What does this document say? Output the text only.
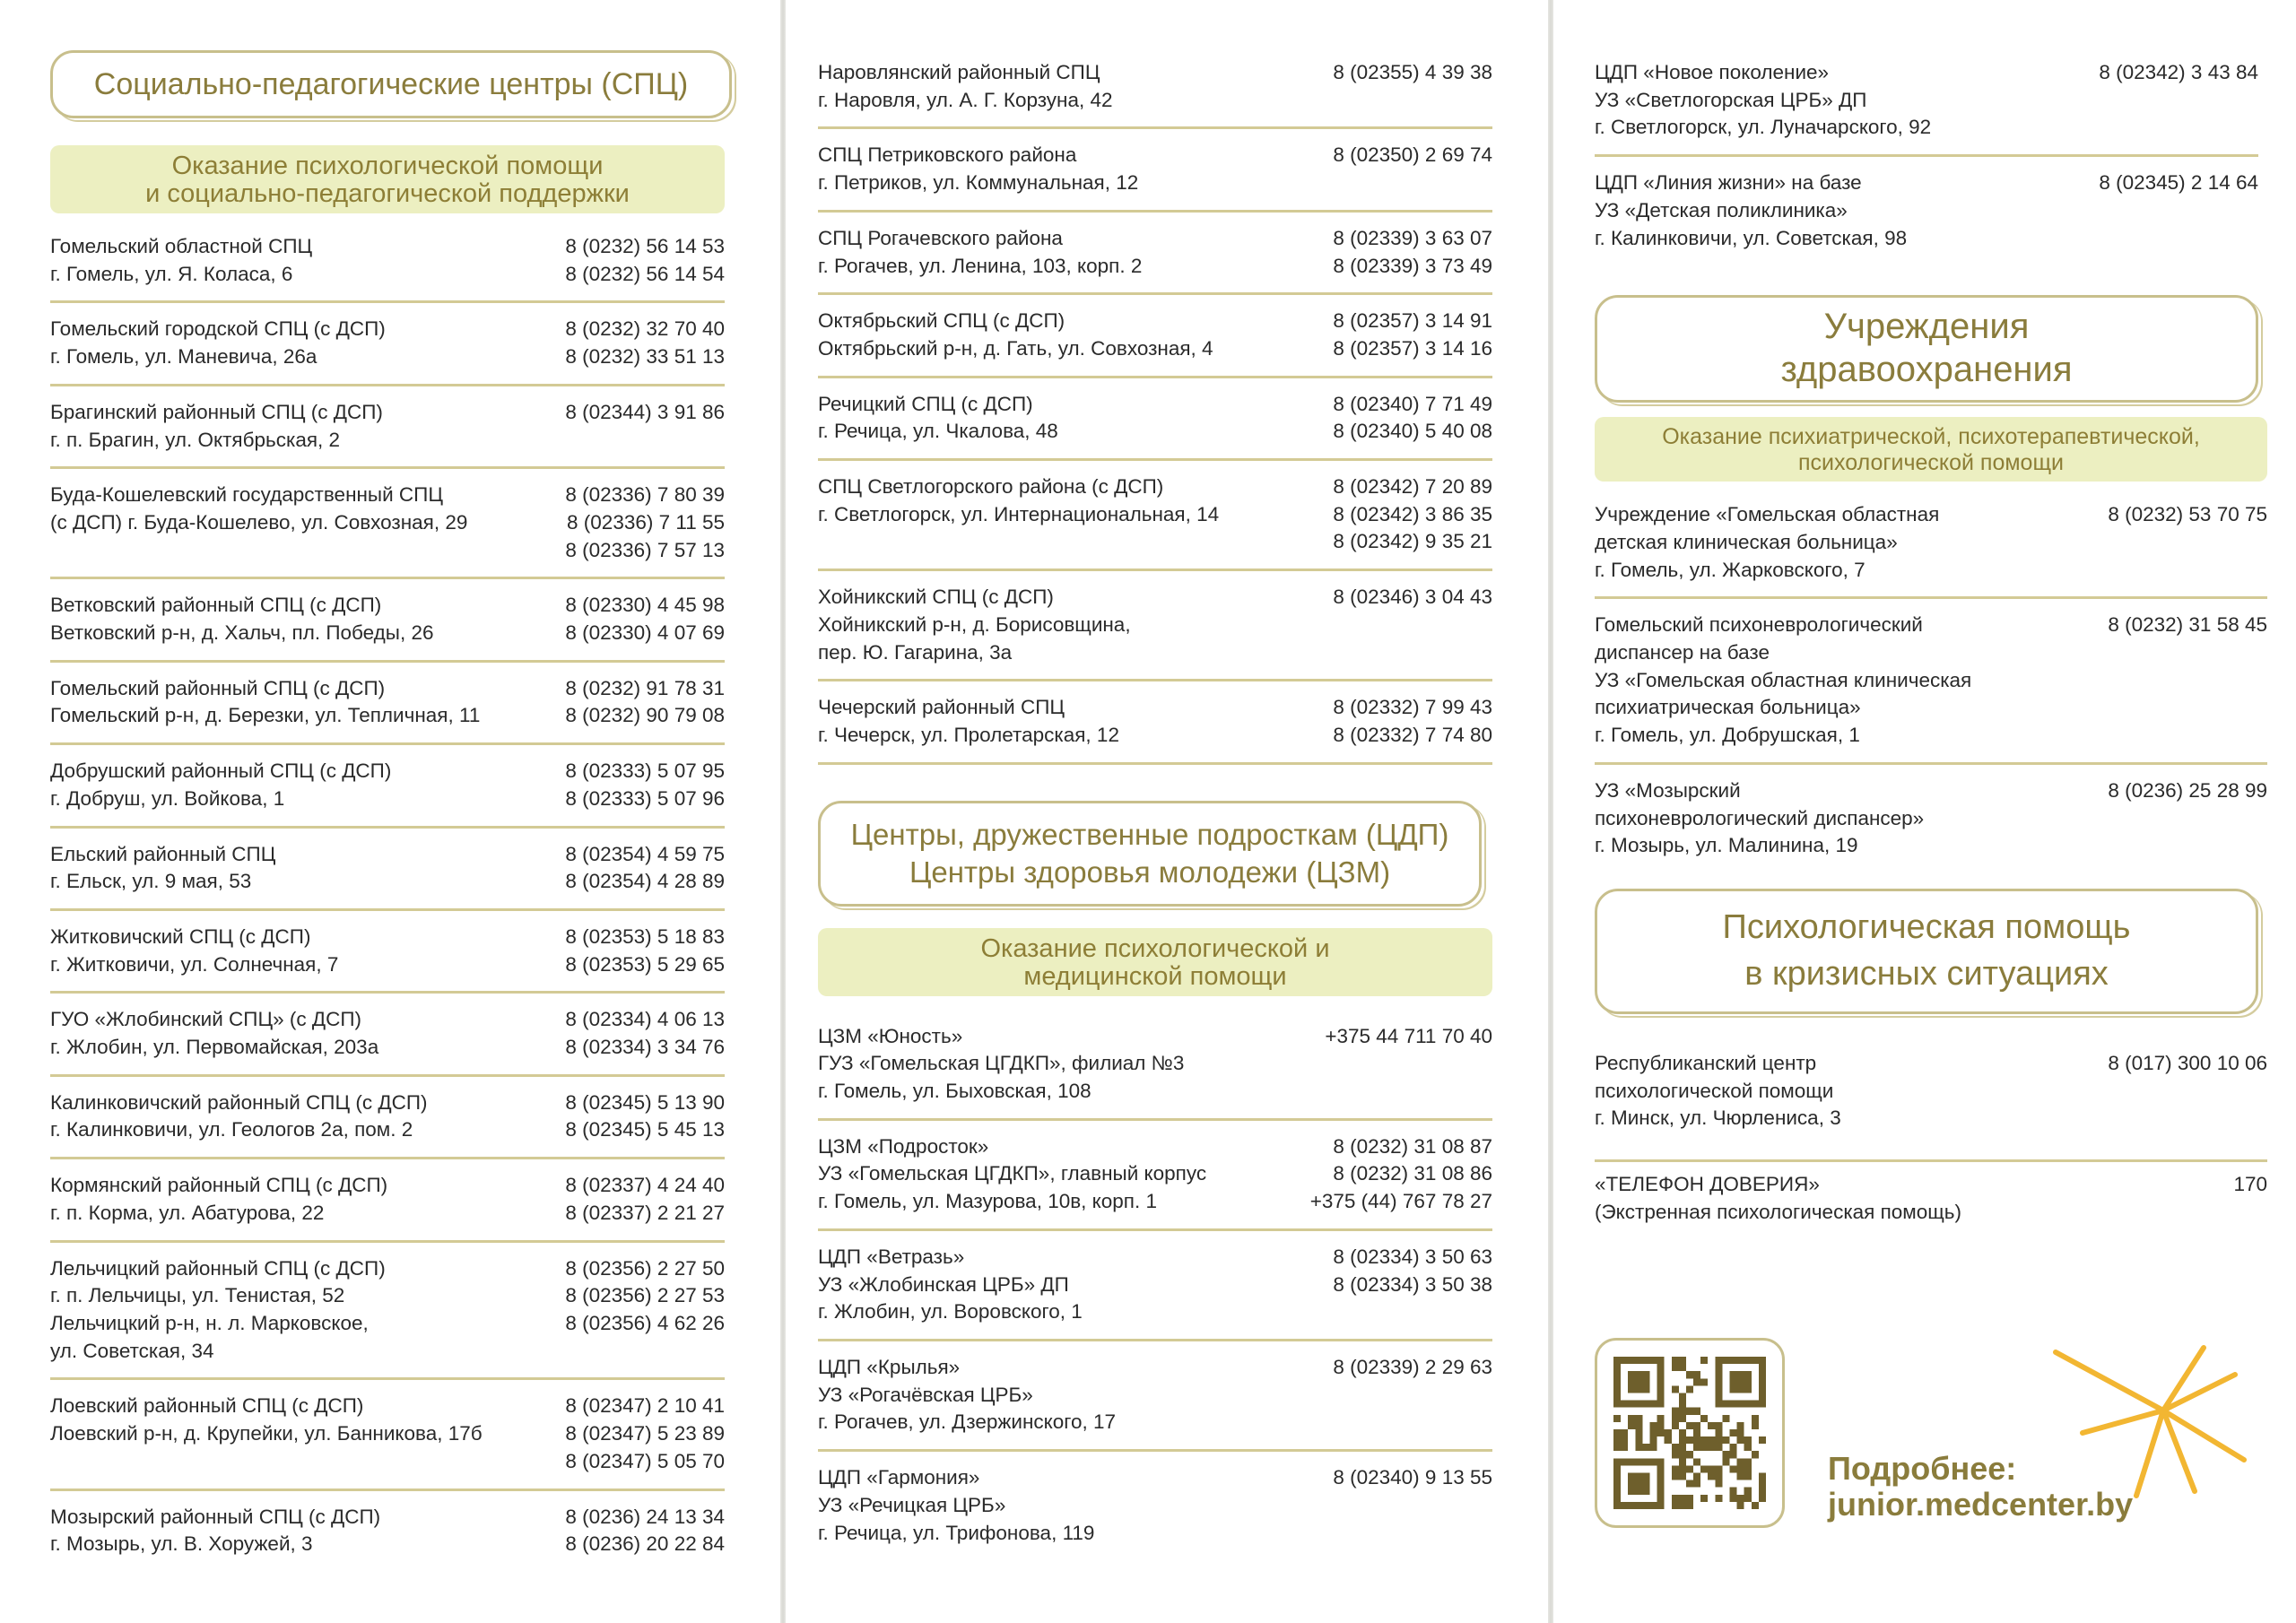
Социально-педагогические центры (СПЦ)
Оказание психологической помощи
и социально-педагогической поддержки
Гомельский областной СПЦ
г. Гомель, ул. Я. Коласа, 6
8 (0232) 56 14 53
8 (0232) 56 14 54
Гомельский городской СПЦ (с ДСП)
г. Гомель, ул. Маневича, 26а
8 (0232) 32 70 40
8 (0232) 33 51 13
Брагинский районный СПЦ (с ДСП)
г. п. Брагин, ул. Октябрьская, 2
8 (02344) 3 91 86
Буда-Кошелевский государственный СПЦ
(с ДСП) г. Буда-Кошелево, ул. Совхозная, 29
8 (02336) 7 80 39
8 (02336) 7 11 55
8 (02336) 7 57 13
Ветковский районный СПЦ (с ДСП)
Ветковский р-н, д. Хальч, пл. Победы, 26
8 (02330) 4 45 98
8 (02330) 4 07 69
Гомельский районный СПЦ (с ДСП)
Гомельский р-н, д. Березки, ул. Тепличная, 11
8 (0232) 91 78 31
8 (0232) 90 79 08
Добрушский районный СПЦ (с ДСП)
г. Добруш, ул. Войкова, 1
8 (02333) 5 07 95
8 (02333) 5 07 96
Ельский районный СПЦ
г. Ельск, ул. 9 мая, 53
8 (02354) 4 59 75
8 (02354) 4 28 89
Житковичский СПЦ (с ДСП)
г. Житковичи, ул. Солнечная, 7
8 (02353) 5 18 83
8 (02353) 5 29 65
ГУО «Жлобинский СПЦ» (с ДСП)
г. Жлобин, ул. Первомайская, 203а
8 (02334) 4 06 13
8 (02334) 3 34 76
Калинковичский районный СПЦ (с ДСП)
г. Калинковичи, ул. Геологов 2а, пом. 2
8 (02345) 5 13 90
8 (02345) 5 45 13
Кормянский районный СПЦ (с ДСП)
г. п. Корма, ул. Абатурова, 22
8 (02337) 4 24 40
8 (02337) 2 21 27
Лельчицкий районный СПЦ (с ДСП)
г. п. Лельчицы, ул. Тенистая, 52
Лельчицкий р-н, н. л. Марковское,
ул. Советская, 34
8 (02356) 2 27 50
8 (02356) 2 27 53
8 (02356) 4 62 26
Лоевский районный СПЦ (с ДСП)
Лоевский р-н, д. Крупейки, ул. Банникова, 17б
8 (02347) 2 10 41
8 (02347) 5 23 89
8 (02347) 5 05 70
Мозырский районный СПЦ (с ДСП)
г. Мозырь, ул. В. Хоружей, 3
8 (0236) 24 13 34
8 (0236) 20 22 84
Наровлянский районный СПЦ
г. Наровля, ул. А. Г. Корзуна, 42
8 (02355) 4 39 38
СПЦ Петриковского района
г. Петриков, ул. Коммунальная, 12
8 (02350) 2 69 74
СПЦ Рогачевского района
г. Рогачев, ул. Ленина, 103, корп. 2
8 (02339) 3 63 07
8 (02339) 3 73 49
Октябрьский СПЦ (с ДСП)
Октябрьский р-н, д. Гать, ул. Совхозная, 4
8 (02357) 3 14 91
8 (02357) 3 14 16
Речицкий СПЦ (с ДСП)
г. Речица, ул. Чкалова, 48
8 (02340) 7 71 49
8 (02340) 5 40 08
СПЦ Светлогорского района (с ДСП)
г. Светлогорск, ул. Интернациональная, 14
8 (02342) 7 20 89
8 (02342) 3 86 35
8 (02342) 9 35 21
Хойникский СПЦ (с ДСП)
Хойникский р-н, д. Борисовщина,
пер. Ю. Гагарина, 3а
8 (02346) 3 04 43
Чечерский районный СПЦ
г. Чечерск, ул. Пролетарская, 12
8 (02332) 7 99 43
8 (02332) 7 74 80
Центры, дружественные подросткам (ЦДП)
Центры здоровья молодежи (ЦЗМ)
Оказание психологической и
медицинской помощи
ЦЗМ «Юность»
ГУЗ «Гомельская ЦГДКП», филиал №3
г. Гомель, ул. Быховская, 108
+375 44 711 70 40
ЦЗМ «Подросток»
УЗ «Гомельская ЦГДКП», главный корпус
г. Гомель, ул. Мазурова, 10в, корп. 1
8 (0232) 31 08 87
8 (0232) 31 08 86
+375 (44) 767 78 27
ЦДП «Ветразь»
УЗ «Жлобинская ЦРБ» ДП
г. Жлобин, ул. Воровского, 1
8 (02334) 3 50 63
8 (02334) 3 50 38
ЦДП «Крылья»
УЗ «Рогачёвская ЦРБ»
г. Рогачев, ул. Дзержинского, 17
8 (02339) 2 29 63
ЦДП «Гармония»
УЗ «Речицкая ЦРБ»
г. Речица, ул. Трифонова, 119
8 (02340) 9 13 55
ЦДП «Новое поколение»
УЗ «Светлогорская ЦРБ» ДП
г. Светлогорск, ул. Луначарского, 92
8 (02342) 3 43 84
ЦДП «Линия жизни» на базе
УЗ «Детская поликлиника»
г. Калинковичи, ул. Советская, 98
8 (02345) 2 14 64
Учреждения
здравоохранения
Оказание психиатрической, психотерапевтической,
психологической помощи
Учреждение «Гомельская областная
детская клиническая больница»
г. Гомель, ул. Жарковского, 7
8 (0232) 53 70 75
Гомельский психоневрологический
диспансер на базе
УЗ «Гомельская областная клиническая
психиатрическая больница»
г. Гомель, ул. Добрушская, 1
8 (0232) 31 58 45
УЗ «Мозырский
психоневрологический диспансер»
г. Мозырь, ул. Малинина, 19
8 (0236) 25 28 99
Психологическая помощь
в кризисных ситуациях
Республиканский центр
психологической помощи
г. Минск, ул. Чюрлениса, 3
8 (017) 300 10 06
«ТЕЛЕФОН ДОВЕРИЯ»
(Экстренная психологическая помощь)
170
Подробнее:
junior.medcenter.by
